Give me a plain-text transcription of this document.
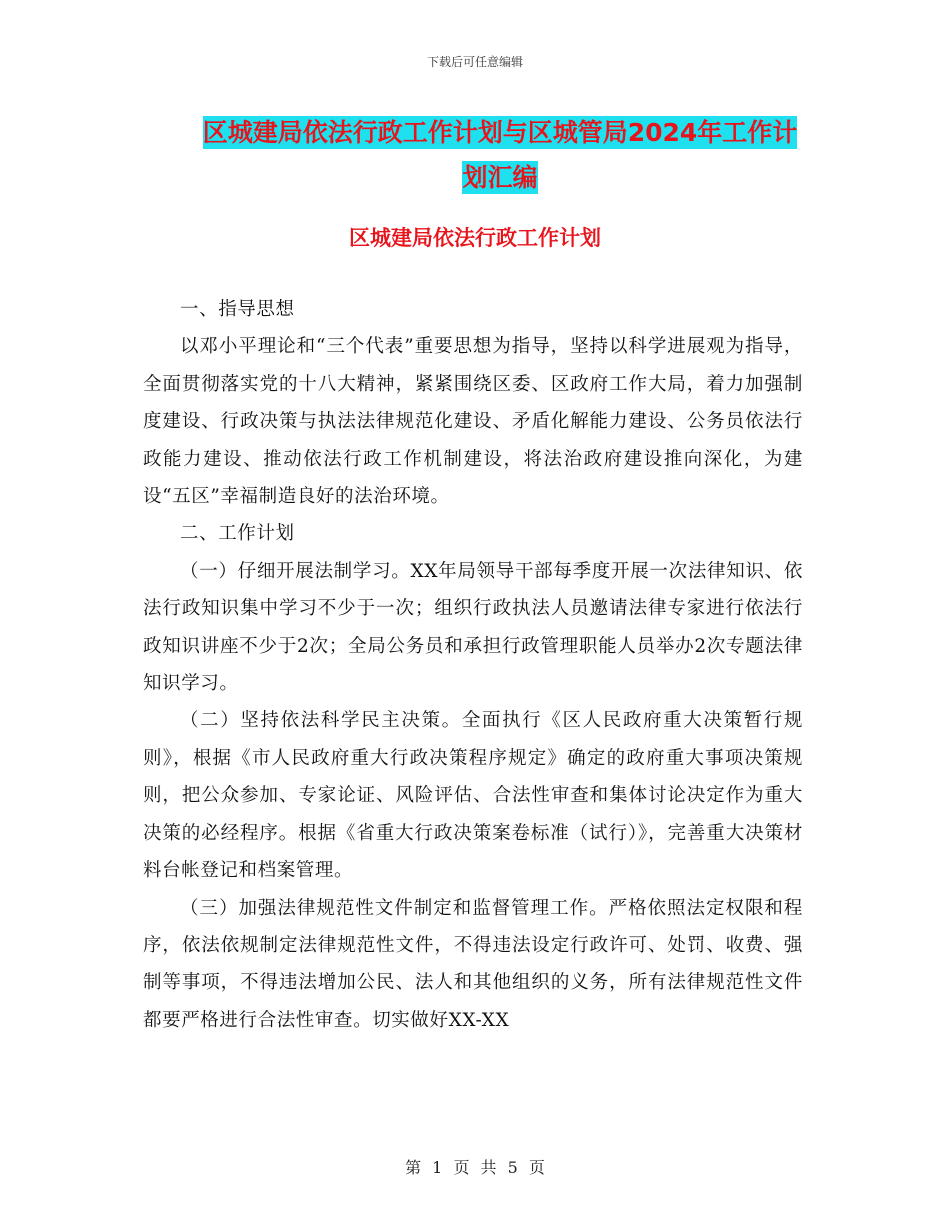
下载后可任意编辑
区城建局依法行政工作计划与区城管局2024年工作计
划汇编
区城建局依法行政工作计划

一、指导思想

以邓小平理论和“三个代表”重要思想为指导，坚持以科学进展观为指导，全面贯彻落实党的十八大精神，紧紧围绕区委、区政府工作大局，着力加强制度建设、行政决策与执法法律规范化建设、矛盾化解能力建设、公务员依法行政能力建设、推动依法行政工作机制建设，将法治政府建设推向深化，为建设“五区”幸福制造良好的法治环境。

二、工作计划

（一）仔细开展法制学习。XX年局领导干部每季度开展一次法律知识、依法行政知识集中学习不少于一次；组织行政执法人员邀请法律专家进行依法行政知识讲座不少于2次；全局公务员和承担行政管理职能人员举办2次专题法律知识学习。

（二）坚持依法科学民主决策。全面执行《区人民政府重大决策暂行规则》，根据《市人民政府重大行政决策程序规定》确定的政府重大事项决策规则，把公众参加、专家论证、风险评估、合法性审查和集体讨论决定作为重大决策的必经程序。根据《省重大行政决策案卷标准（试行）》，完善重大决策材料台帐登记和档案管理。

（三）加强法律规范性文件制定和监督管理工作。严格依照法定权限和程序，依法依规制定法律规范性文件，不得违法设定行政许可、处罚、收费、强制等事项，不得违法增加公民、法人和其他组织的义务，所有法律规范性文件都要严格进行合法性审查。切实做好XX-XX

第 1 页 共 5 页
